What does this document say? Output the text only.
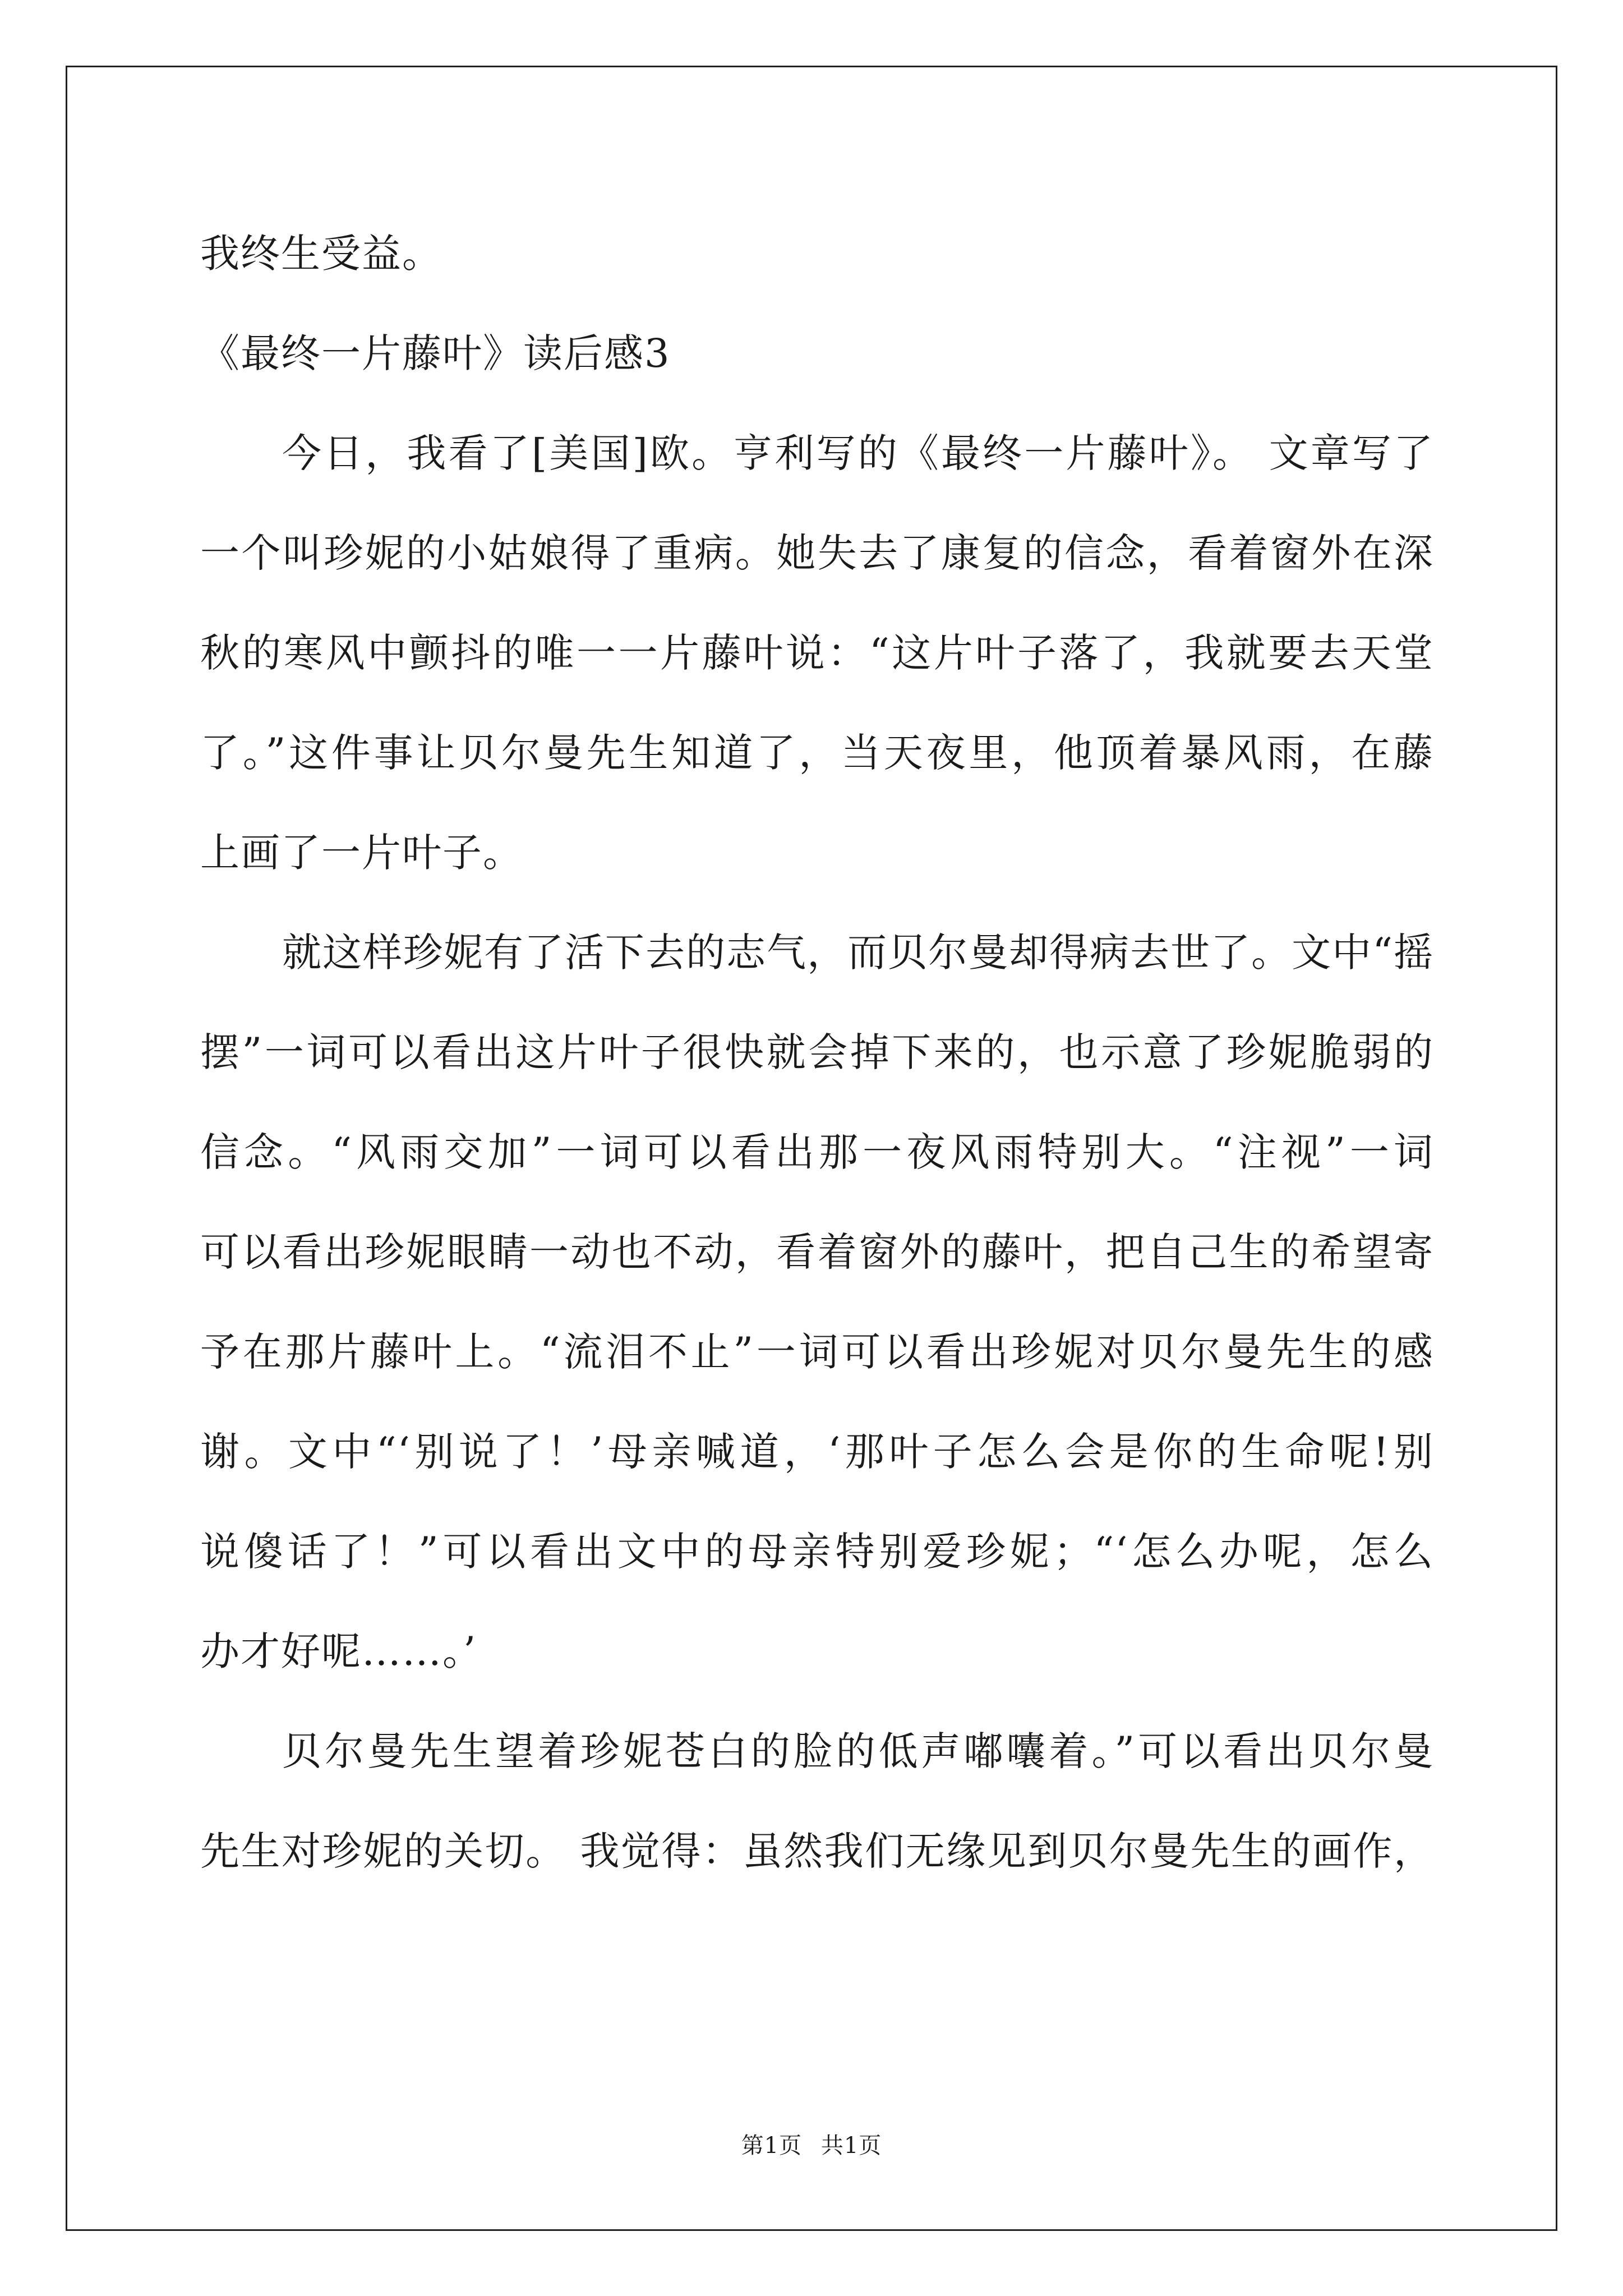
我终生受益。
《最终一片藤叶》读后感3
今日，我看了[美国]欧。亨利写的《最终一片藤叶》。 文章写了
一个叫珍妮的小姑娘得了重病。她失去了康复的信念，看着窗外在深
秋的寒风中颤抖的唯一一片藤叶说：“这片叶子落了，我就要去天堂
了。”这件事让贝尔曼先生知道了，当天夜里，他顶着暴风雨，在藤
上画了一片叶子。
就这样珍妮有了活下去的志气，而贝尔曼却得病去世了。文中“摇
摆”一词可以看出这片叶子很快就会掉下来的，也示意了珍妮脆弱的
信念。“风雨交加”一词可以看出那一夜风雨特别大。“注视”一词
可以看出珍妮眼睛一动也不动，看着窗外的藤叶，把自己生的希望寄
予在那片藤叶上。“流泪不止”一词可以看出珍妮对贝尔曼先生的感
谢。文中“‘别说了！’母亲喊道，‘那叶子怎么会是你的生命呢!别
说傻话了！”可以看出文中的母亲特别爱珍妮；“‘怎么办呢，怎么
办才好呢……。’
贝尔曼先生望着珍妮苍白的脸的低声嘟囔着。”可以看出贝尔曼
先生对珍妮的关切。 我觉得：虽然我们无缘见到贝尔曼先生的画作，
第1页 共1页
